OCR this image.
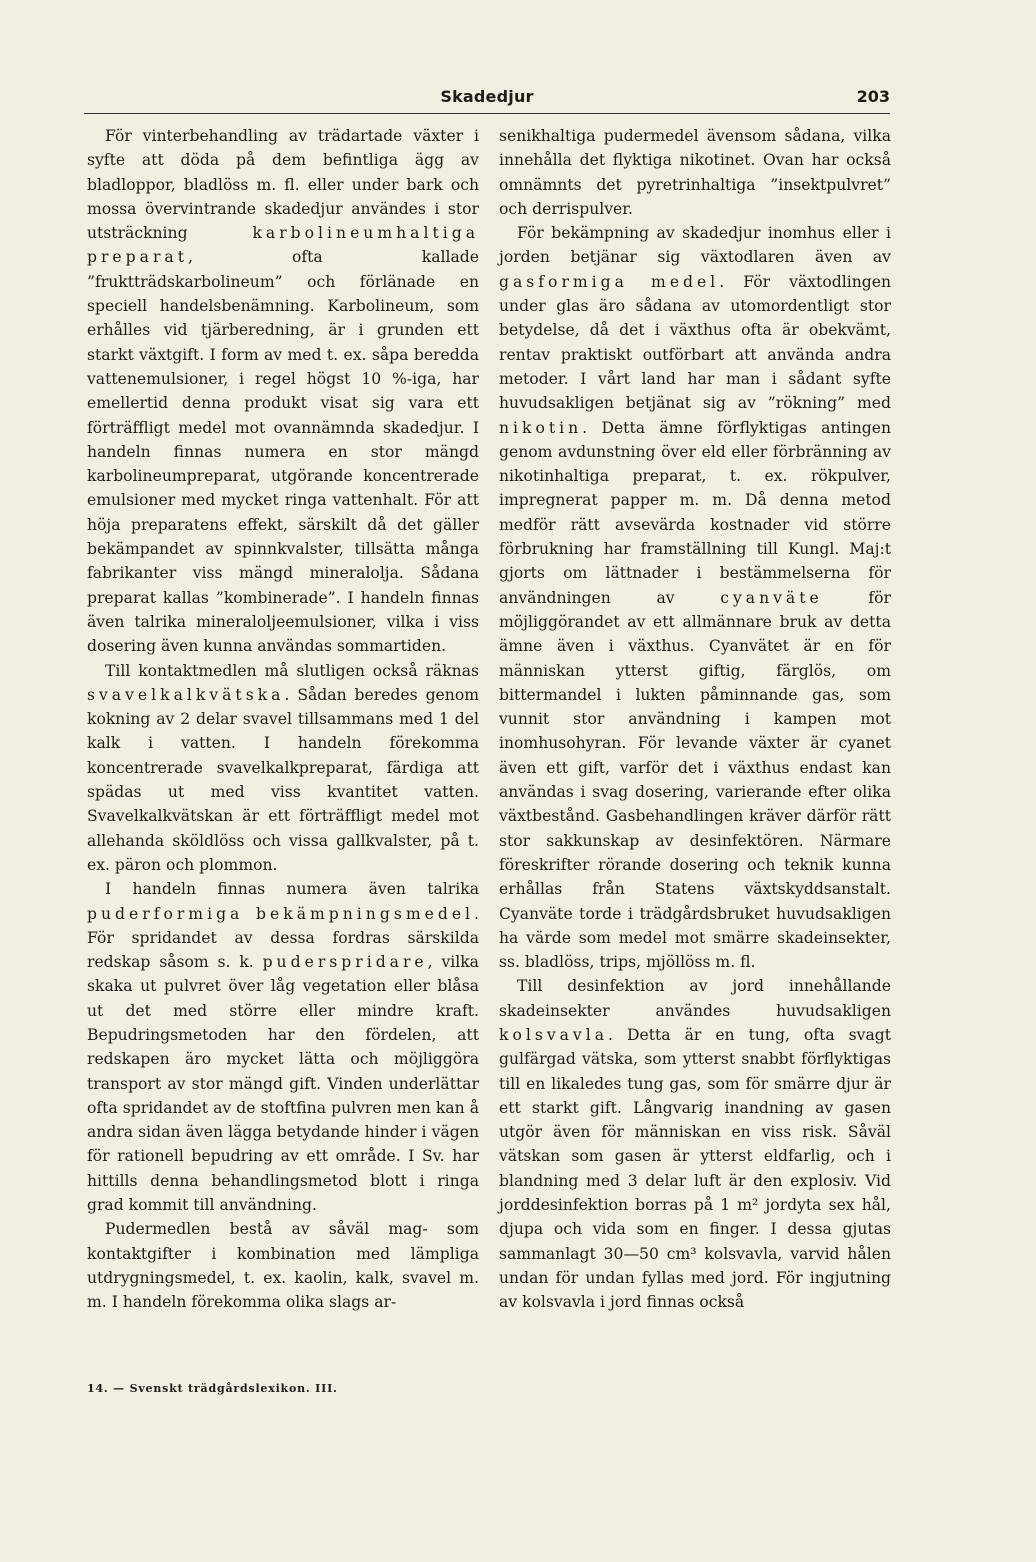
Skadedjur	203

För vinterbehandling av trädartade växter i syfte att döda på dem befintliga ägg av bladloppor, bladlöss m. fl. eller under bark och mossa övervintrande skadedjur användes i stor utsträckning karbolineumhaltiga preparat, ofta kallade ”fruktträdskarbolineum” och förlänade en speciell handelsbenämning. Karbolineum, som erhålles vid tjärberedning, är i grunden ett starkt växtgift. I form av med t. ex. såpa beredda vattenemulsioner, i regel högst 10 %-iga, har emellertid denna produkt visat sig vara ett förträffligt medel mot ovannämnda skadedjur. I handeln finnas numera en stor mängd karbolineumpreparat, utgörande koncentrerade emulsioner med mycket ringa vattenhalt. För att höja preparatens effekt, särskilt då det gäller bekämpandet av spinnkvalster, tillsätta många fabrikanter viss mängd mineralolja. Sådana preparat kallas ”kombinerade”. I handeln finnas även talrika mineraloljeemulsioner, vilka i viss dosering även kunna användas sommartiden.

Till kontaktmedlen må slutligen också räknas svavelkalkvätska. Sådan beredes genom kokning av 2 delar svavel tillsammans med 1 del kalk i vatten. I handeln förekomma koncentrerade svavelkalkpreparat, färdiga att spädas ut med viss kvantitet vatten. Svavelkalkvätskan är ett förträffligt medel mot allehanda sköldlöss och vissa gallkvalster, på t. ex. päron och plommon.

I handeln finnas numera även talrika puderformiga bekämpningsmedel. För spridandet av dessa fordras särskilda redskap såsom s. k. puderspridare, vilka skaka ut pulvret över låg vegetation eller blåsa ut det med större eller mindre kraft. Bepudringsmetoden har den fördelen, att redskapen äro mycket lätta och möjliggöra transport av stor mängd gift. Vinden underlättar ofta spridandet av de stoftfina pulvren men kan å andra sidan även lägga betydande hinder i vägen för rationell bepudring av ett område. I Sv. har hittills denna behandlingsmetod blott i ringa grad kommit till användning.

Pudermedlen bestå av såväl mag- som kontaktgifter i kombination med lämpliga utdrygningsmedel, t. ex. kaolin, kalk, svavel m. m. I handeln förekomma olika slags ar-

senikhaltiga pudermedel ävensom sådana, vilka innehålla det flyktiga nikotinet. Ovan har också omnämnts det pyretrinhaltiga ”insektpulvret” och derrispulver.

För bekämpning av skadedjur inomhus eller i jorden betjänar sig växtodlaren även av gasformiga medel. För växtodlingen under glas äro sådana av utomordentligt stor betydelse, då det i växthus ofta är obekvämt, rentav praktiskt outförbart att använda andra metoder. I vårt land har man i sådant syfte huvudsakligen betjänat sig av ”rökning” med nikotin. Detta ämne förflyktigas antingen genom avdunstning över eld eller förbränning av nikotinhaltiga preparat, t. ex. rökpulver, impregnerat papper m. m. Då denna metod medför rätt avsevärda kostnader vid större förbrukning har framställning till Kungl. Maj:t gjorts om lättnader i bestämmelserna för användningen av cyanväte för möjliggörandet av ett allmännare bruk av detta ämne även i växthus. Cyanvätet är en för människan ytterst giftig, färglös, om bittermandel i lukten påminnande gas, som vunnit stor användning i kampen mot inomhusohyran. För levande växter är cyanet även ett gift, varför det i växthus endast kan användas i svag dosering, varierande efter olika växtbestånd. Gasbehandlingen kräver därför rätt stor sakkunskap av desinfektören. Närmare föreskrifter rörande dosering och teknik kunna erhållas från Statens växtskyddsanstalt. Cyanväte torde i trädgårdsbruket huvudsakligen ha värde som medel mot smärre skadeinsekter, ss. bladlöss, trips, mjöllöss m. fl.

Till desinfektion av jord innehållande skadeinsekter användes huvudsakligen kolsvavla. Detta är en tung, ofta svagt gulfärgad vätska, som ytterst snabbt förflyktigas till en likaledes tung gas, som för smärre djur är ett starkt gift. Långvarig inandning av gasen utgör även för människan en viss risk. Såväl vätskan som gasen är ytterst eldfarlig, och i blandning med 3 delar luft är den explosiv. Vid jorddesinfektion borras på 1 m² jordyta sex hål, djupa och vida som en finger. I dessa gjutas sammanlagt 30—50 cm³ kolsvavla, varvid hålen undan för undan fyllas med jord. För ingjutning av kolsvavla i jord finnas också

14. — Svenskt trädgårdslexikon. III.
